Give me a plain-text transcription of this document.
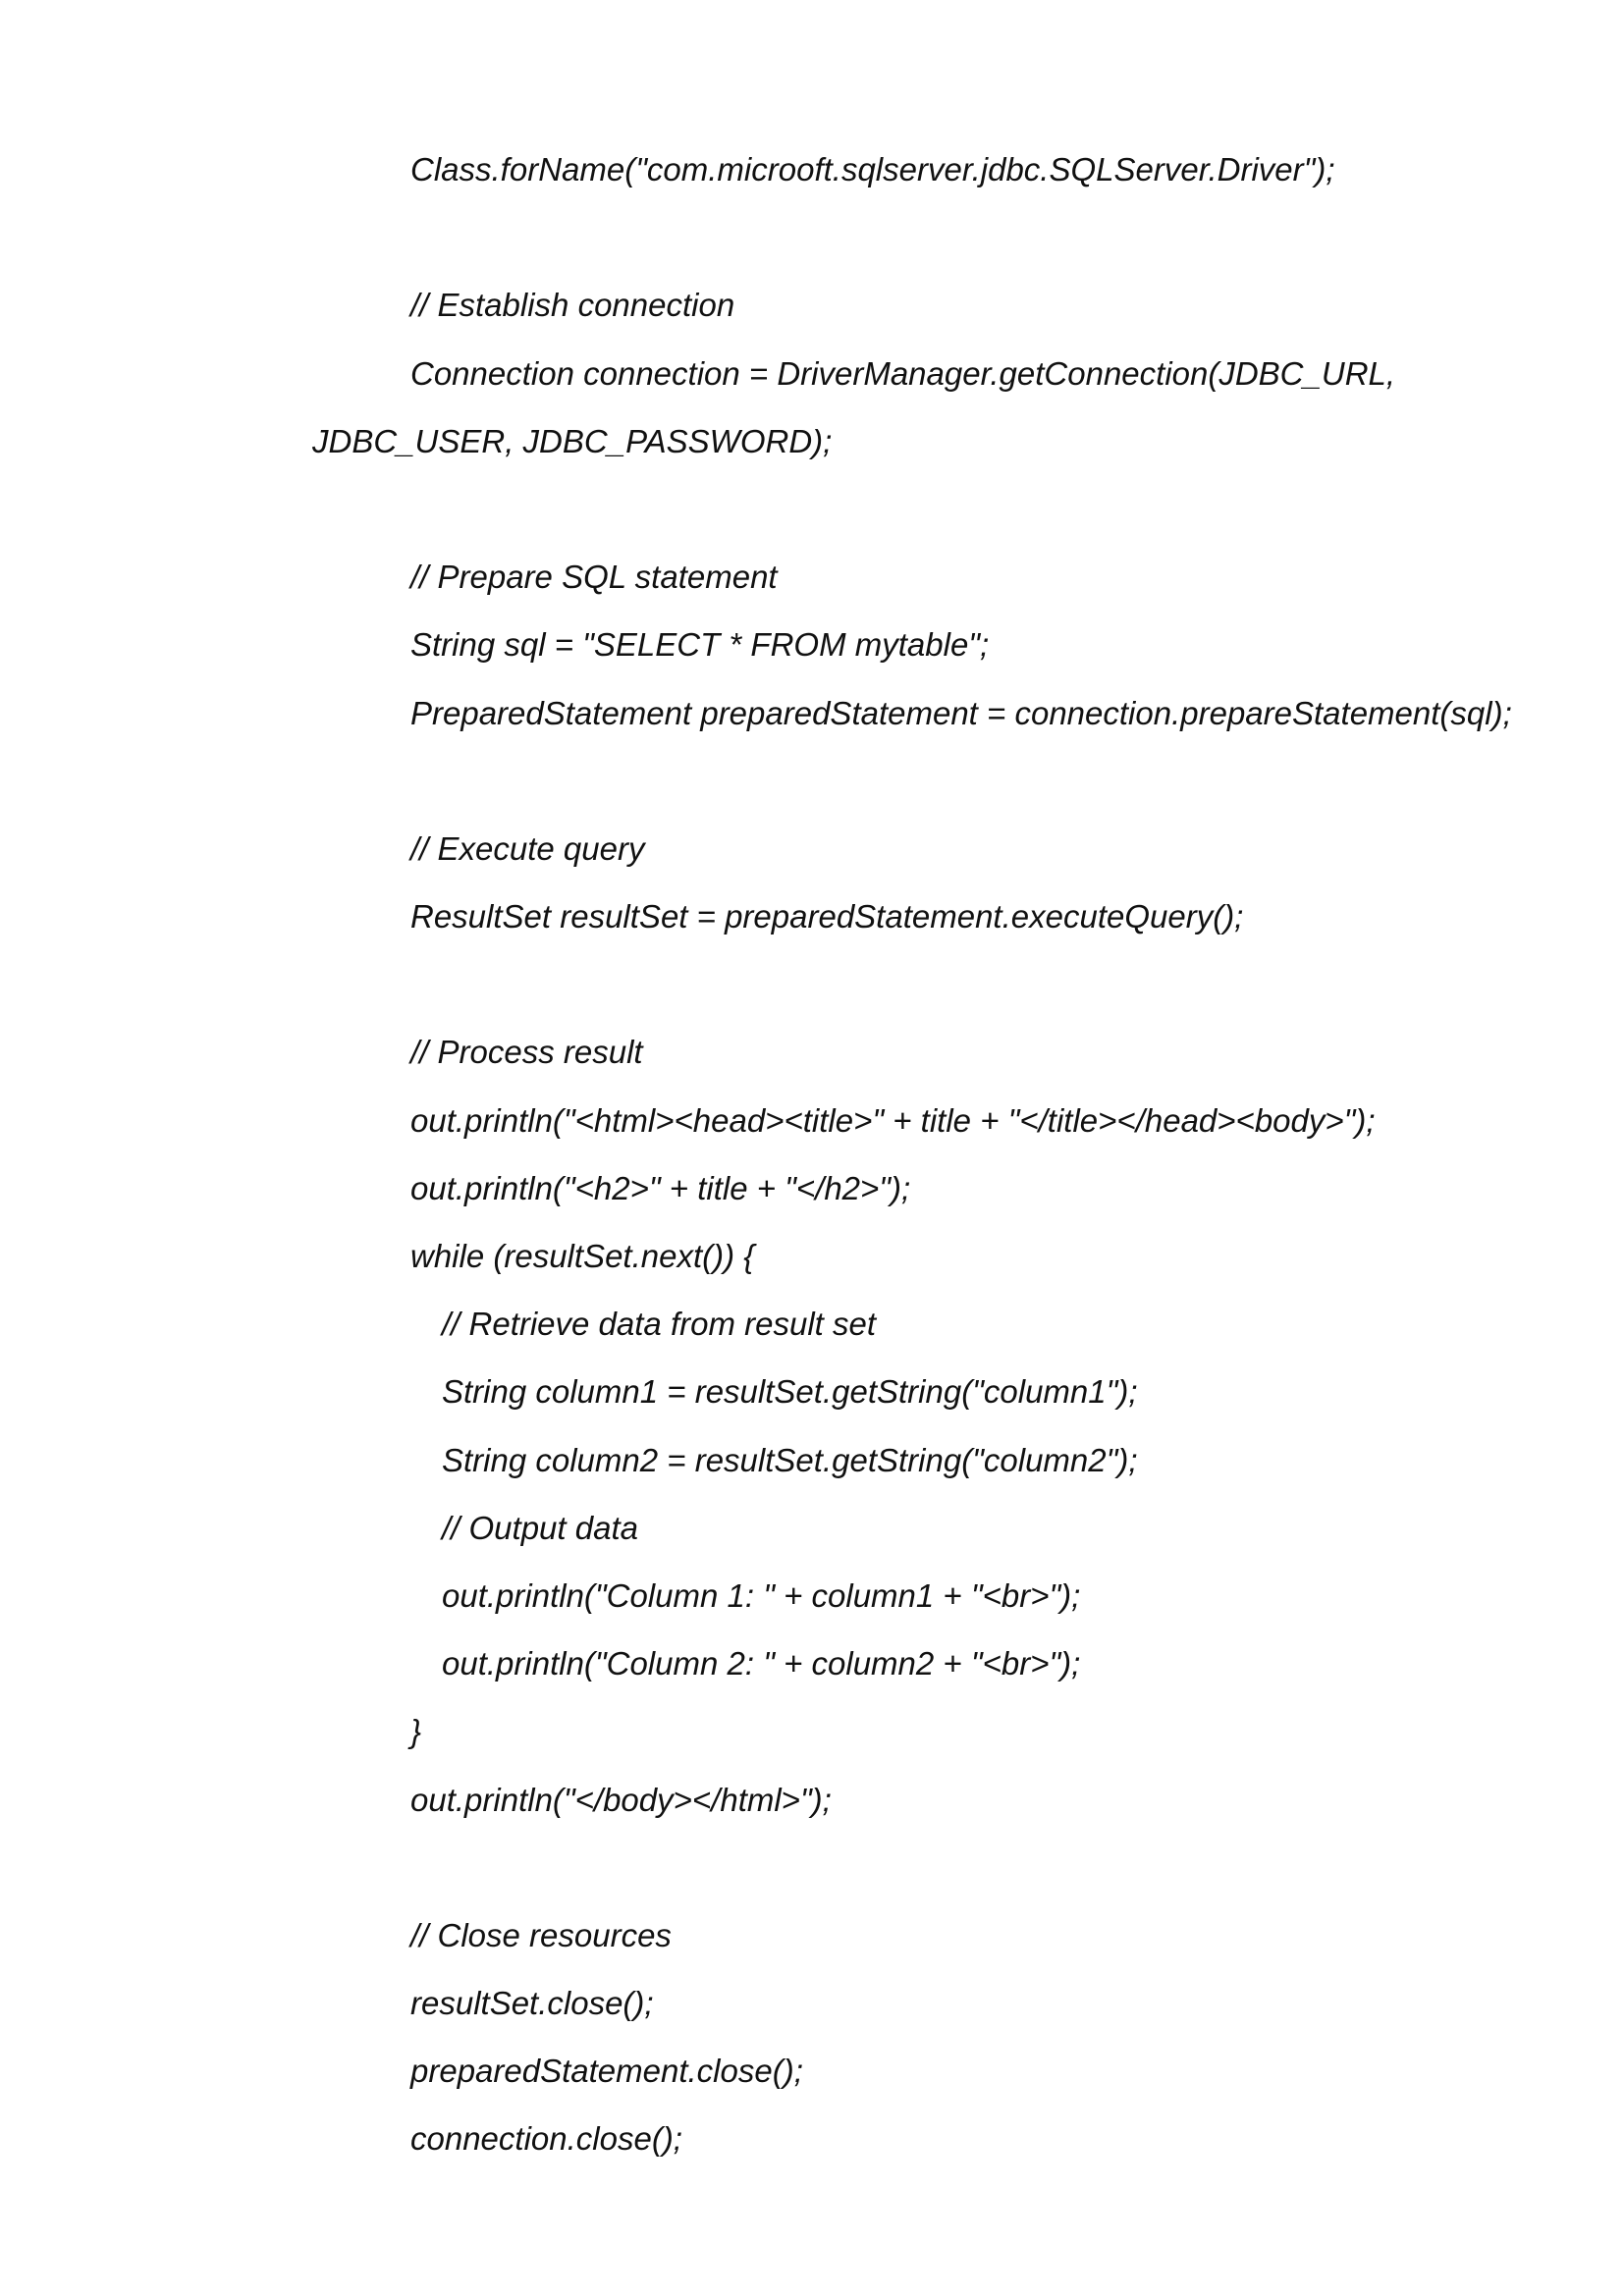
Class.forName("com.microoft.sqlserver.jdbc.SQLServer.Driver");
// Establish connection
Connection connection = DriverManager.getConnection(JDBC_URL,
JDBC_USER, JDBC_PASSWORD);
// Prepare SQL statement
String sql = "SELECT * FROM mytable";
PreparedStatement preparedStatement = connection.prepareStatement(sql);
// Execute query
ResultSet resultSet = preparedStatement.executeQuery();
// Process result
out.println("<html><head><title>" + title + "</title></head><body>");
out.println("<h2>" + title + "</h2>");
while (resultSet.next()) {
// Retrieve data from result set
String column1 = resultSet.getString("column1");
String column2 = resultSet.getString("column2");
// Output data
out.println("Column 1: " + column1 + "<br>");
out.println("Column 2: " + column2 + "<br>");
}
out.println("</body></html>");
// Close resources
resultSet.close();
preparedStatement.close();
connection.close();
